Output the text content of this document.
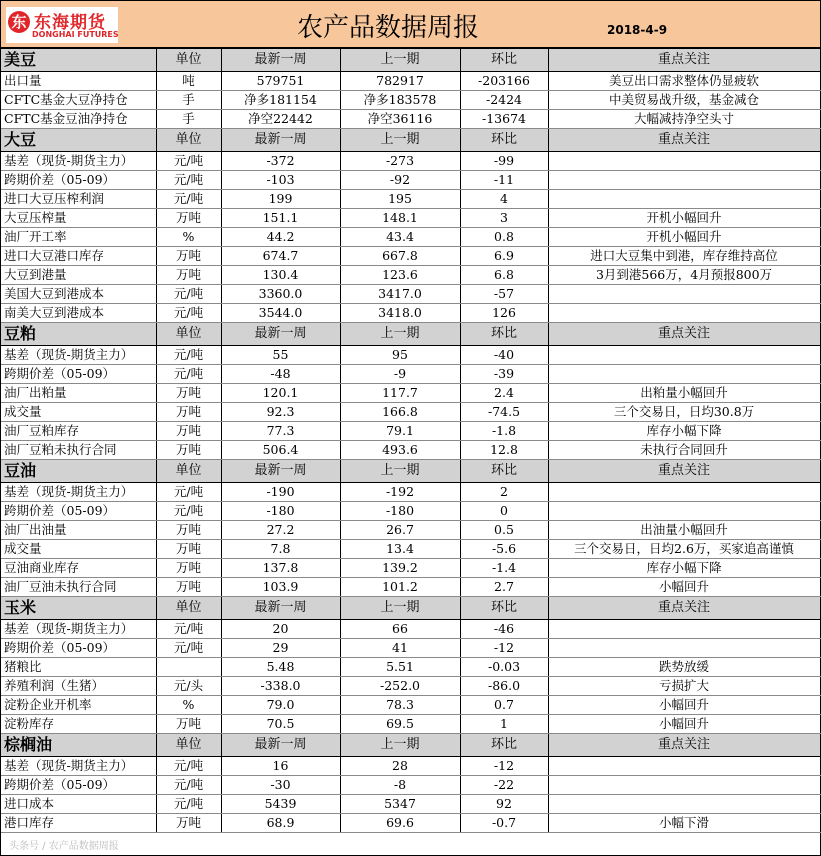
东 东海期货
DONGHAI FUTURES	农产品数据周报	2018-4-9
美豆	单位	最新一周	上一期	环比	重点关注
出口量	吨	579751	782917	-203166	美豆出口需求整体仍显疲软
CFTC基金大豆净持仓	手	净多181154	净多183578	-2424	中美贸易战升级，基金减仓
CFTC基金豆油净持仓	手	净空22442	净空36116	-13674	大幅减持净空头寸
大豆	单位	最新一周	上一期	环比	重点关注
基差（现货-期货主力）	元/吨	-372	-273	-99	
跨期价差（05-09）	元/吨	-103	-92	-11	
进口大豆压榨利润	元/吨	199	195	4	
大豆压榨量	万吨	151.1	148.1	3	开机小幅回升
油厂开工率	%	44.2	43.4	0.8	开机小幅回升
进口大豆港口库存	万吨	674.7	667.8	6.9	进口大豆集中到港，库存维持高位
大豆到港量	万吨	130.4	123.6	6.8	3月到港566万，4月预报800万
美国大豆到港成本	元/吨	3360.0	3417.0	-57	
南美大豆到港成本	元/吨	3544.0	3418.0	126	
豆粕	单位	最新一周	上一期	环比	重点关注
基差（现货-期货主力）	元/吨	55	95	-40	
跨期价差（05-09）	元/吨	-48	-9	-39	
油厂出粕量	万吨	120.1	117.7	2.4	出粕量小幅回升
成交量	万吨	92.3	166.8	-74.5	三个交易日，日均30.8万
油厂豆粕库存	万吨	77.3	79.1	-1.8	库存小幅下降
油厂豆粕未执行合同	万吨	506.4	493.6	12.8	未执行合同回升
豆油	单位	最新一周	上一期	环比	重点关注
基差（现货-期货主力）	元/吨	-190	-192	2	
跨期价差（05-09）	元/吨	-180	-180	0	
油厂出油量	万吨	27.2	26.7	0.5	出油量小幅回升
成交量	万吨	7.8	13.4	-5.6	三个交易日，日均2.6万，买家追高谨慎
豆油商业库存	万吨	137.8	139.2	-1.4	库存小幅下降
油厂豆油未执行合同	万吨	103.9	101.2	2.7	小幅回升
玉米	单位	最新一周	上一期	环比	重点关注
基差（现货-期货主力）	元/吨	20	66	-46	
跨期价差（05-09）	元/吨	29	41	-12	
猪粮比		5.48	5.51	-0.03	跌势放缓
养殖利润（生猪）	元/头	-338.0	-252.0	-86.0	亏损扩大
淀粉企业开机率	%	79.0	78.3	0.7	小幅回升
淀粉库存	万吨	70.5	69.5	1	小幅回升
棕榈油	单位	最新一周	上一期	环比	重点关注
基差（现货-期货主力）	元/吨	16	28	-12	
跨期价差（05-09）	元/吨	-30	-8	-22	
进口成本	元/吨	5439	5347	92	
港口库存	万吨	68.9	69.6	-0.7	小幅下滑
头条号 / 农产品数据周报
